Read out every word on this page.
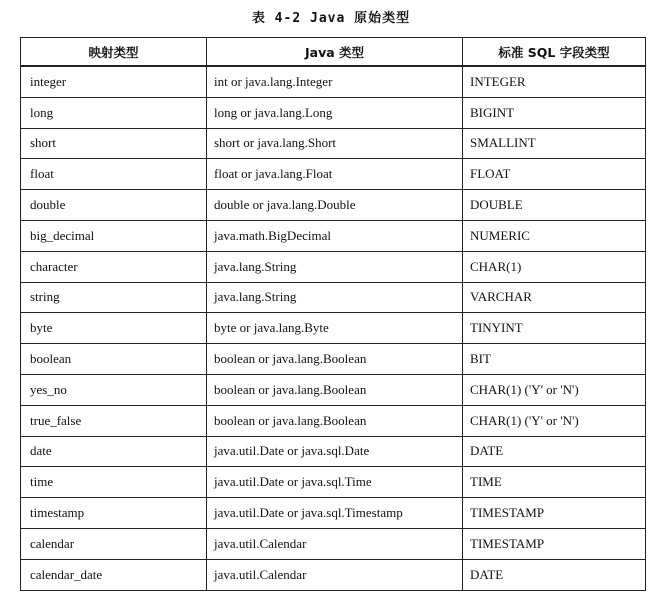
表 4-2 Java 原始类型
映射类型	Java 类型	标准 SQL 字段类型
integer	int or java.lang.Integer	INTEGER
long	long or java.lang.Long	BIGINT
short	short or java.lang.Short	SMALLINT
float	float or java.lang.Float	FLOAT
double	double or java.lang.Double	DOUBLE
big_decimal	java.math.BigDecimal	NUMERIC
character	java.lang.String	CHAR(1)
string	java.lang.String	VARCHAR
byte	byte or java.lang.Byte	TINYINT
boolean	boolean or java.lang.Boolean	BIT
yes_no	boolean or java.lang.Boolean	CHAR(1) ('Y' or 'N')
true_false	boolean or java.lang.Boolean	CHAR(1) ('Y' or 'N')
date	java.util.Date or java.sql.Date	DATE
time	java.util.Date or java.sql.Time	TIME
timestamp	java.util.Date or java.sql.Timestamp	TIMESTAMP
calendar	java.util.Calendar	TIMESTAMP
calendar_date	java.util.Calendar	DATE
